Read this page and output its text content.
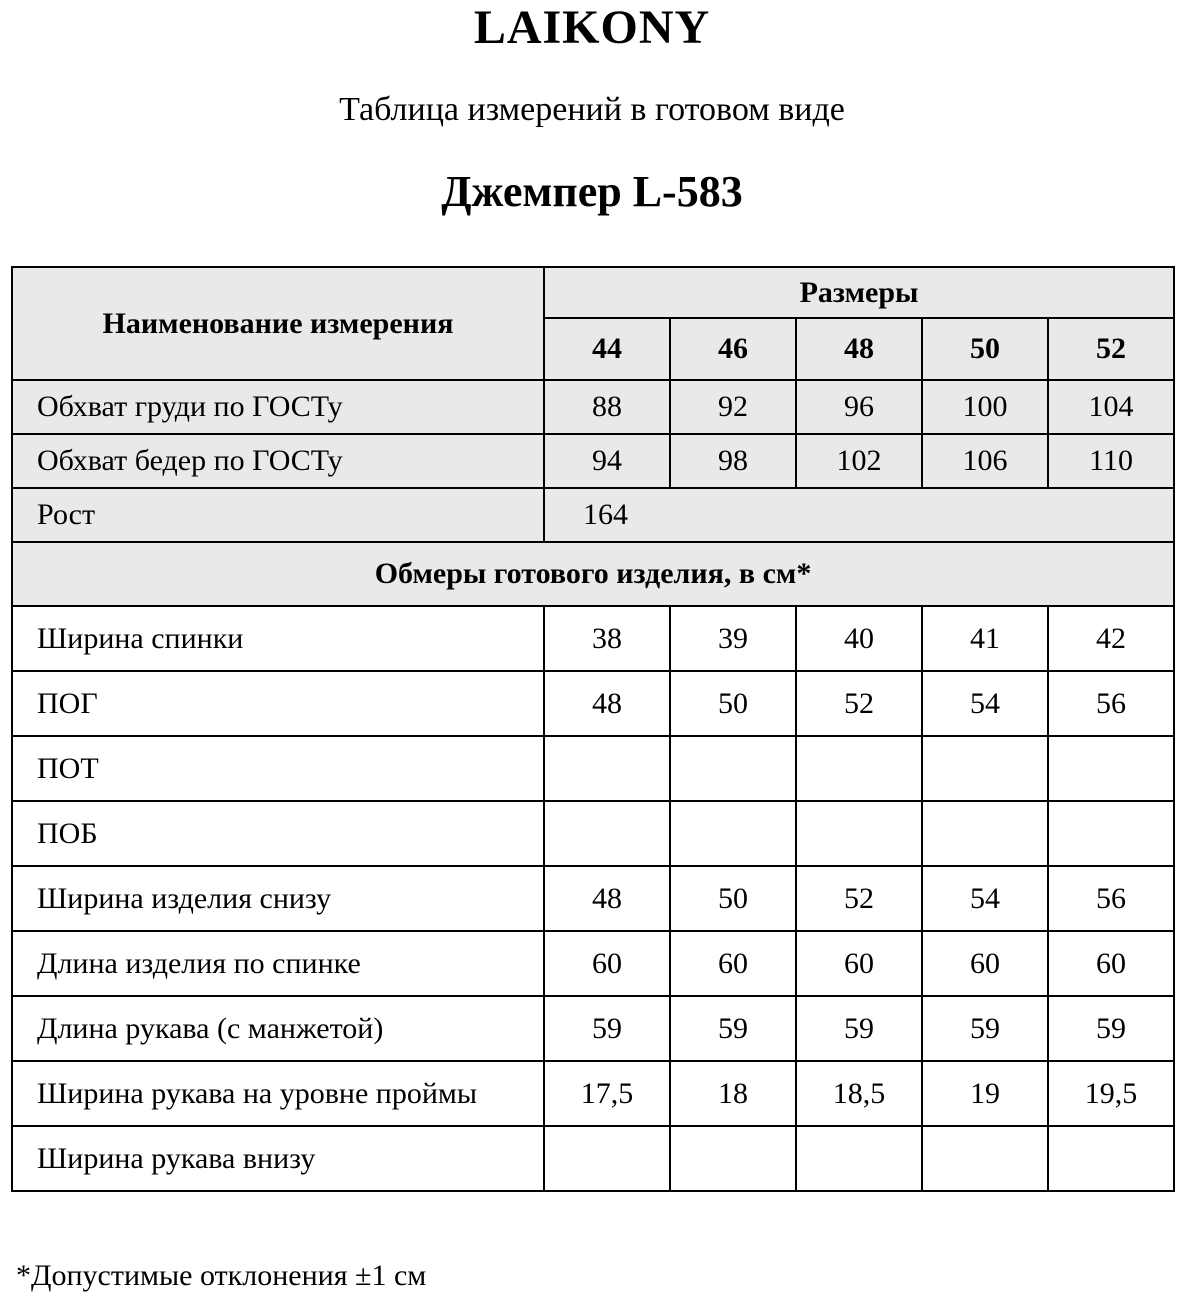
LAIKONY
Таблица измерений в готовом виде
Джемпер L-583
Наименование измерения	Размеры				
	44	46	48	50	52
Обхват груди по ГОСТу	88	92	96	100	104
Обхват бедер по ГОСТу	94	98	102	106	110
Рост	164				
Обмеры готового изделия, в см*					
Ширина спинки	38	39	40	41	42
ПОГ	48	50	52	54	56
ПОТ					
ПОБ					
Ширина изделия снизу	48	50	52	54	56
Длина изделия по спинке	60	60	60	60	60
Длина рукава (с манжетой)	59	59	59	59	59
Ширина рукава на уровне проймы	17,5	18	18,5	19	19,5
Ширина рукава внизу					
*Допустимые отклонения ±1 см
